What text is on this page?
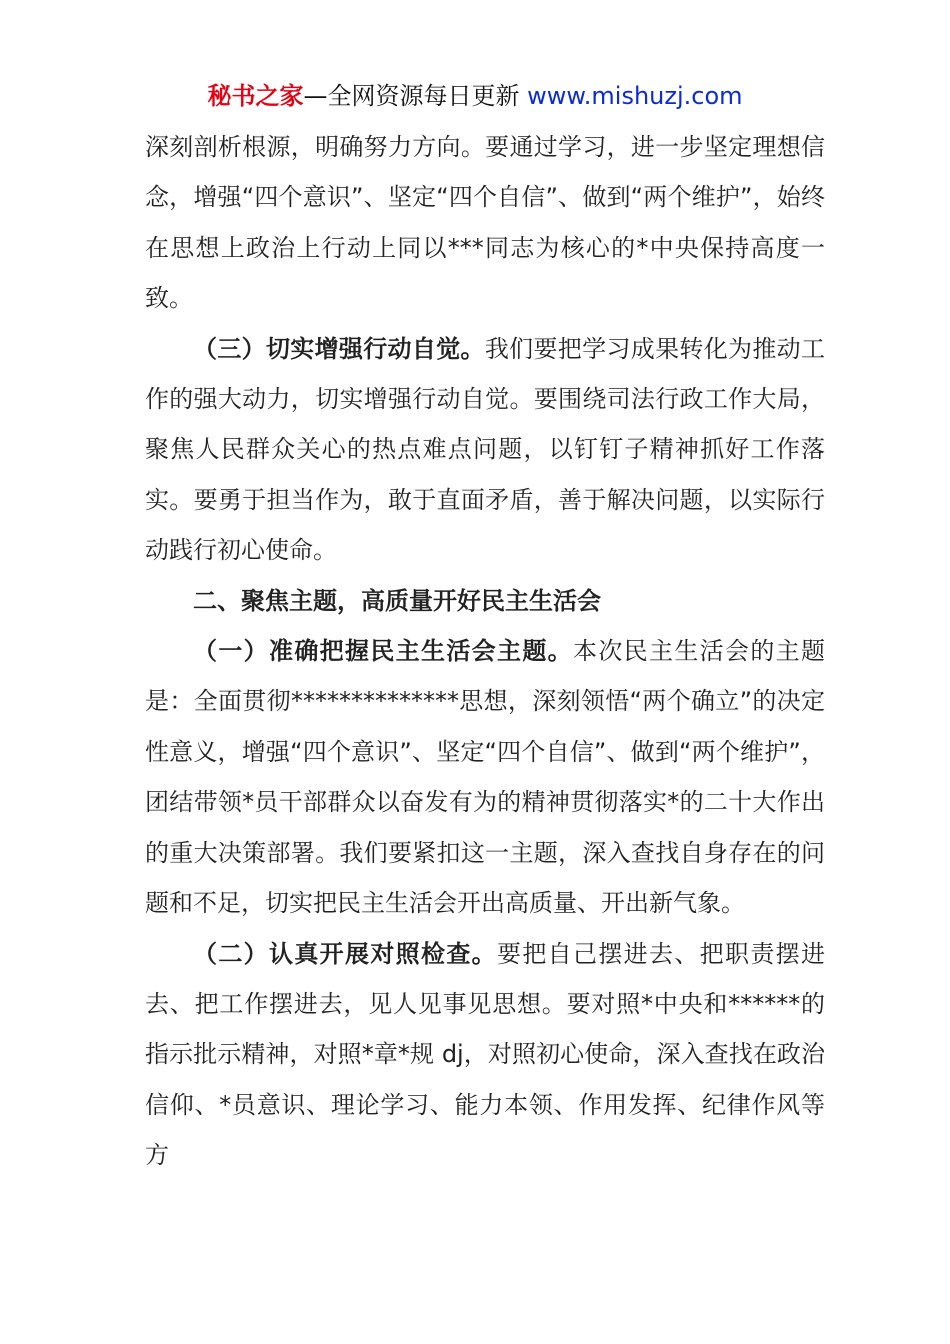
秘书之家—全网资源每日更新 www.mishuzj.com

深刻剖析根源，明确努力方向。要通过学习，进一步坚定理想信念，增强“四个意识”、坚定“四个自信”、做到“两个维护”，始终在思想上政治上行动上同以***同志为核心的*中央保持高度一致。

（三）切实增强行动自觉。我们要把学习成果转化为推动工作的强大动力，切实增强行动自觉。要围绕司法行政工作大局，聚焦人民群众关心的热点难点问题，以钉钉子精神抓好工作落实。要勇于担当作为，敢于直面矛盾，善于解决问题，以实际行动践行初心使命。

二、聚焦主题，高质量开好民主生活会

（一）准确把握民主生活会主题。本次民主生活会的主题是：全面贯彻**************思想，深刻领悟“两个确立”的决定性意义，增强“四个意识”、坚定“四个自信”、做到“两个维护”，团结带领*员干部群众以奋发有为的精神贯彻落实*的二十大作出的重大决策部署。我们要紧扣这一主题，深入查找自身存在的问题和不足，切实把民主生活会开出高质量、开出新气象。

（二）认真开展对照检查。要把自己摆进去、把职责摆进去、把工作摆进去，见人见事见思想。要对照*中央和******的指示批示精神，对照*章*规 dj，对照初心使命，深入查找在政治信仰、*员意识、理论学习、能力本领、作用发挥、纪律作风等方
